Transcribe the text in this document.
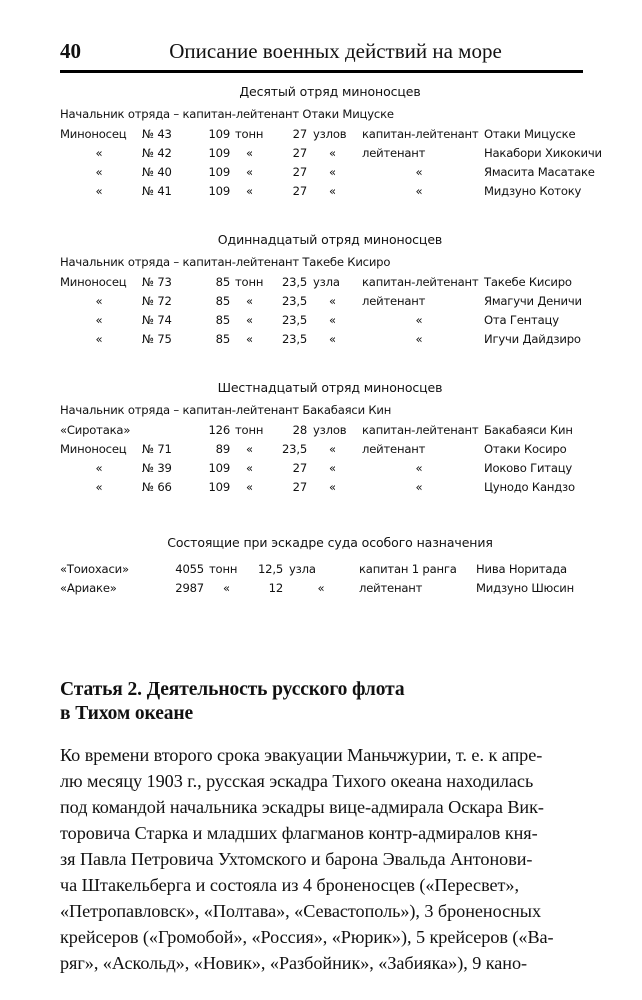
40	Описание военных действий на море
Десятый отряд миноносцев
Начальник отряда – капитан-лейтенант Отаки Мицуске
Миноносец	№ 43	109	тонн	27	узлов	капитан-лейтенант	Отаки Мицуске
«	№ 42	109	«	27	«	лейтенант	Накабори Хикокичи
«	№ 40	109	«	27	«	«	Ямасита Масатаке
«	№ 41	109	«	27	«	«	Мидзуно Котоку
Одиннадцатый отряд миноносцев
Начальник отряда – капитан-лейтенант Такебе Кисиро
Миноносец	№ 73	85	тонн	23,5	узла	капитан-лейтенант	Такебе Кисиро
«	№ 72	85	«	23,5	«	лейтенант	Ямагучи Деничи
«	№ 74	85	«	23,5	«	«	Ота Гентацу
«	№ 75	85	«	23,5	«	«	Игучи Дайдзиро
Шестнадцатый отряд миноносцев
Начальник отряда – капитан-лейтенант Бакабаяси Кин
«Сиротака»		126	тонн	28	узлов	капитан-лейтенант	Бакабаяси Кин
Миноносец	№ 71	89	«	23,5	«	лейтенант	Отаки Косиро
«	№ 39	109	«	27	«	«	Иоково Гитацу
«	№ 66	109	«	27	«	«	Цунодо Кандзо
Состоящие при эскадре суда особого назначения
«Тоиохаси»	4055	тонн	12,5	узла	капитан 1 ранга	Нива Норитада
«Ариаке»	2987	«	12	«	лейтенант	Мидзуно Шюсин
Статья 2. Деятельность русского флота
в Тихом океане
Ко времени второго срока эвакуации Маньчжурии, т. е. к апре-
лю месяцу 1903 г., русская эскадра Тихого океана находилась
под командой начальника эскадры вице-адмирала Оскара Вик-
торовича Старка и младших флагманов контр-адмиралов кня-
зя Павла Петровича Ухтомского и барона Эвальда Антонови-
ча Штакельберга и состояла из 4 броненосцев («Пересвет»,
«Петропавловск», «Полтава», «Севастополь»), 3 броненосных
крейсеров («Громобой», «Россия», «Рюрик»), 5 крейсеров («Ва-
ряг», «Аскольд», «Новик», «Разбойник», «Забияка»), 9 кано-
